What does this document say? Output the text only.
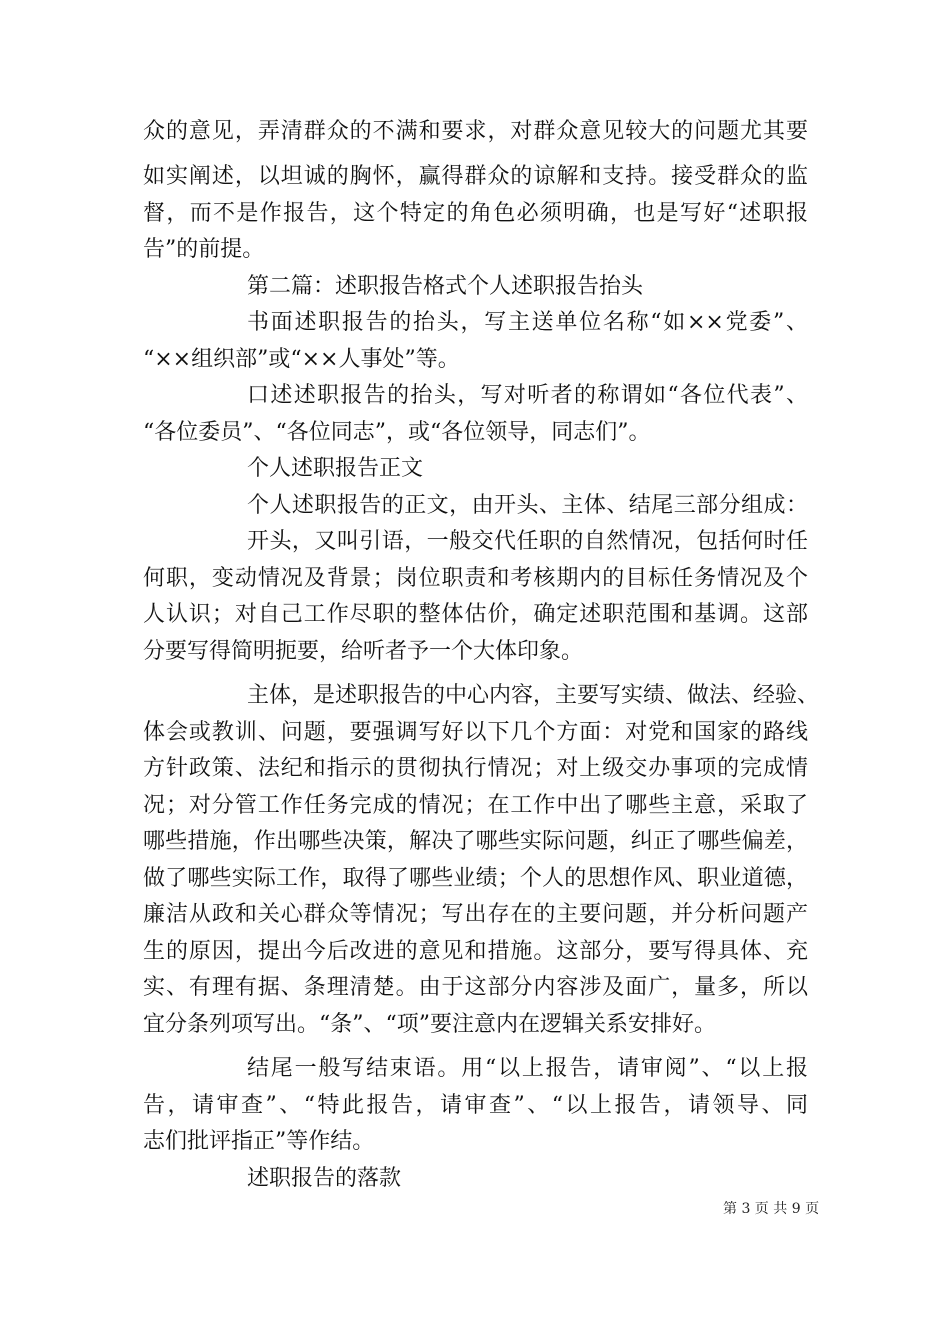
众的意见，弄清群众的不满和要求，对群众意见较大的问题尤其要
如实阐述，以坦诚的胸怀，赢得群众的谅解和支持。接受群众的监
督，而不是作报告，这个特定的角色必须明确，也是写好“述职报
告”的前提。
第二篇：述职报告格式个人述职报告抬头
书面述职报告的抬头，写主送单位名称“如××党委”、
“××组织部”或“××人事处”等。
口述述职报告的抬头，写对听者的称谓如“各位代表”、
“各位委员”、“各位同志”，或“各位领导，同志们”。
个人述职报告正文
个人述职报告的正文，由开头、主体、结尾三部分组成：
开头，又叫引语，一般交代任职的自然情况，包括何时任
何职，变动情况及背景；岗位职责和考核期内的目标任务情况及个
人认识；对自己工作尽职的整体估价，确定述职范围和基调。这部
分要写得简明扼要，给听者予一个大体印象。
主体，是述职报告的中心内容，主要写实绩、做法、经验、
体会或教训、问题，要强调写好以下几个方面：对党和国家的路线
方针政策、法纪和指示的贯彻执行情况；对上级交办事项的完成情
况；对分管工作任务完成的情况；在工作中出了哪些主意，采取了
哪些措施，作出哪些决策，解决了哪些实际问题，纠正了哪些偏差，
做了哪些实际工作，取得了哪些业绩；个人的思想作风、职业道德，
廉洁从政和关心群众等情况；写出存在的主要问题，并分析问题产
生的原因，提出今后改进的意见和措施。这部分，要写得具体、充
实、有理有据、条理清楚。由于这部分内容涉及面广，量多，所以
宜分条列项写出。“条”、“项”要注意内在逻辑关系安排好。
结尾一般写结束语。用“以上报告，请审阅”、“以上报
告，请审查”、“特此报告，请审查”、“以上报告，请领导、同
志们批评指正”等作结。
述职报告的落款
第 3 页 共 9 页
